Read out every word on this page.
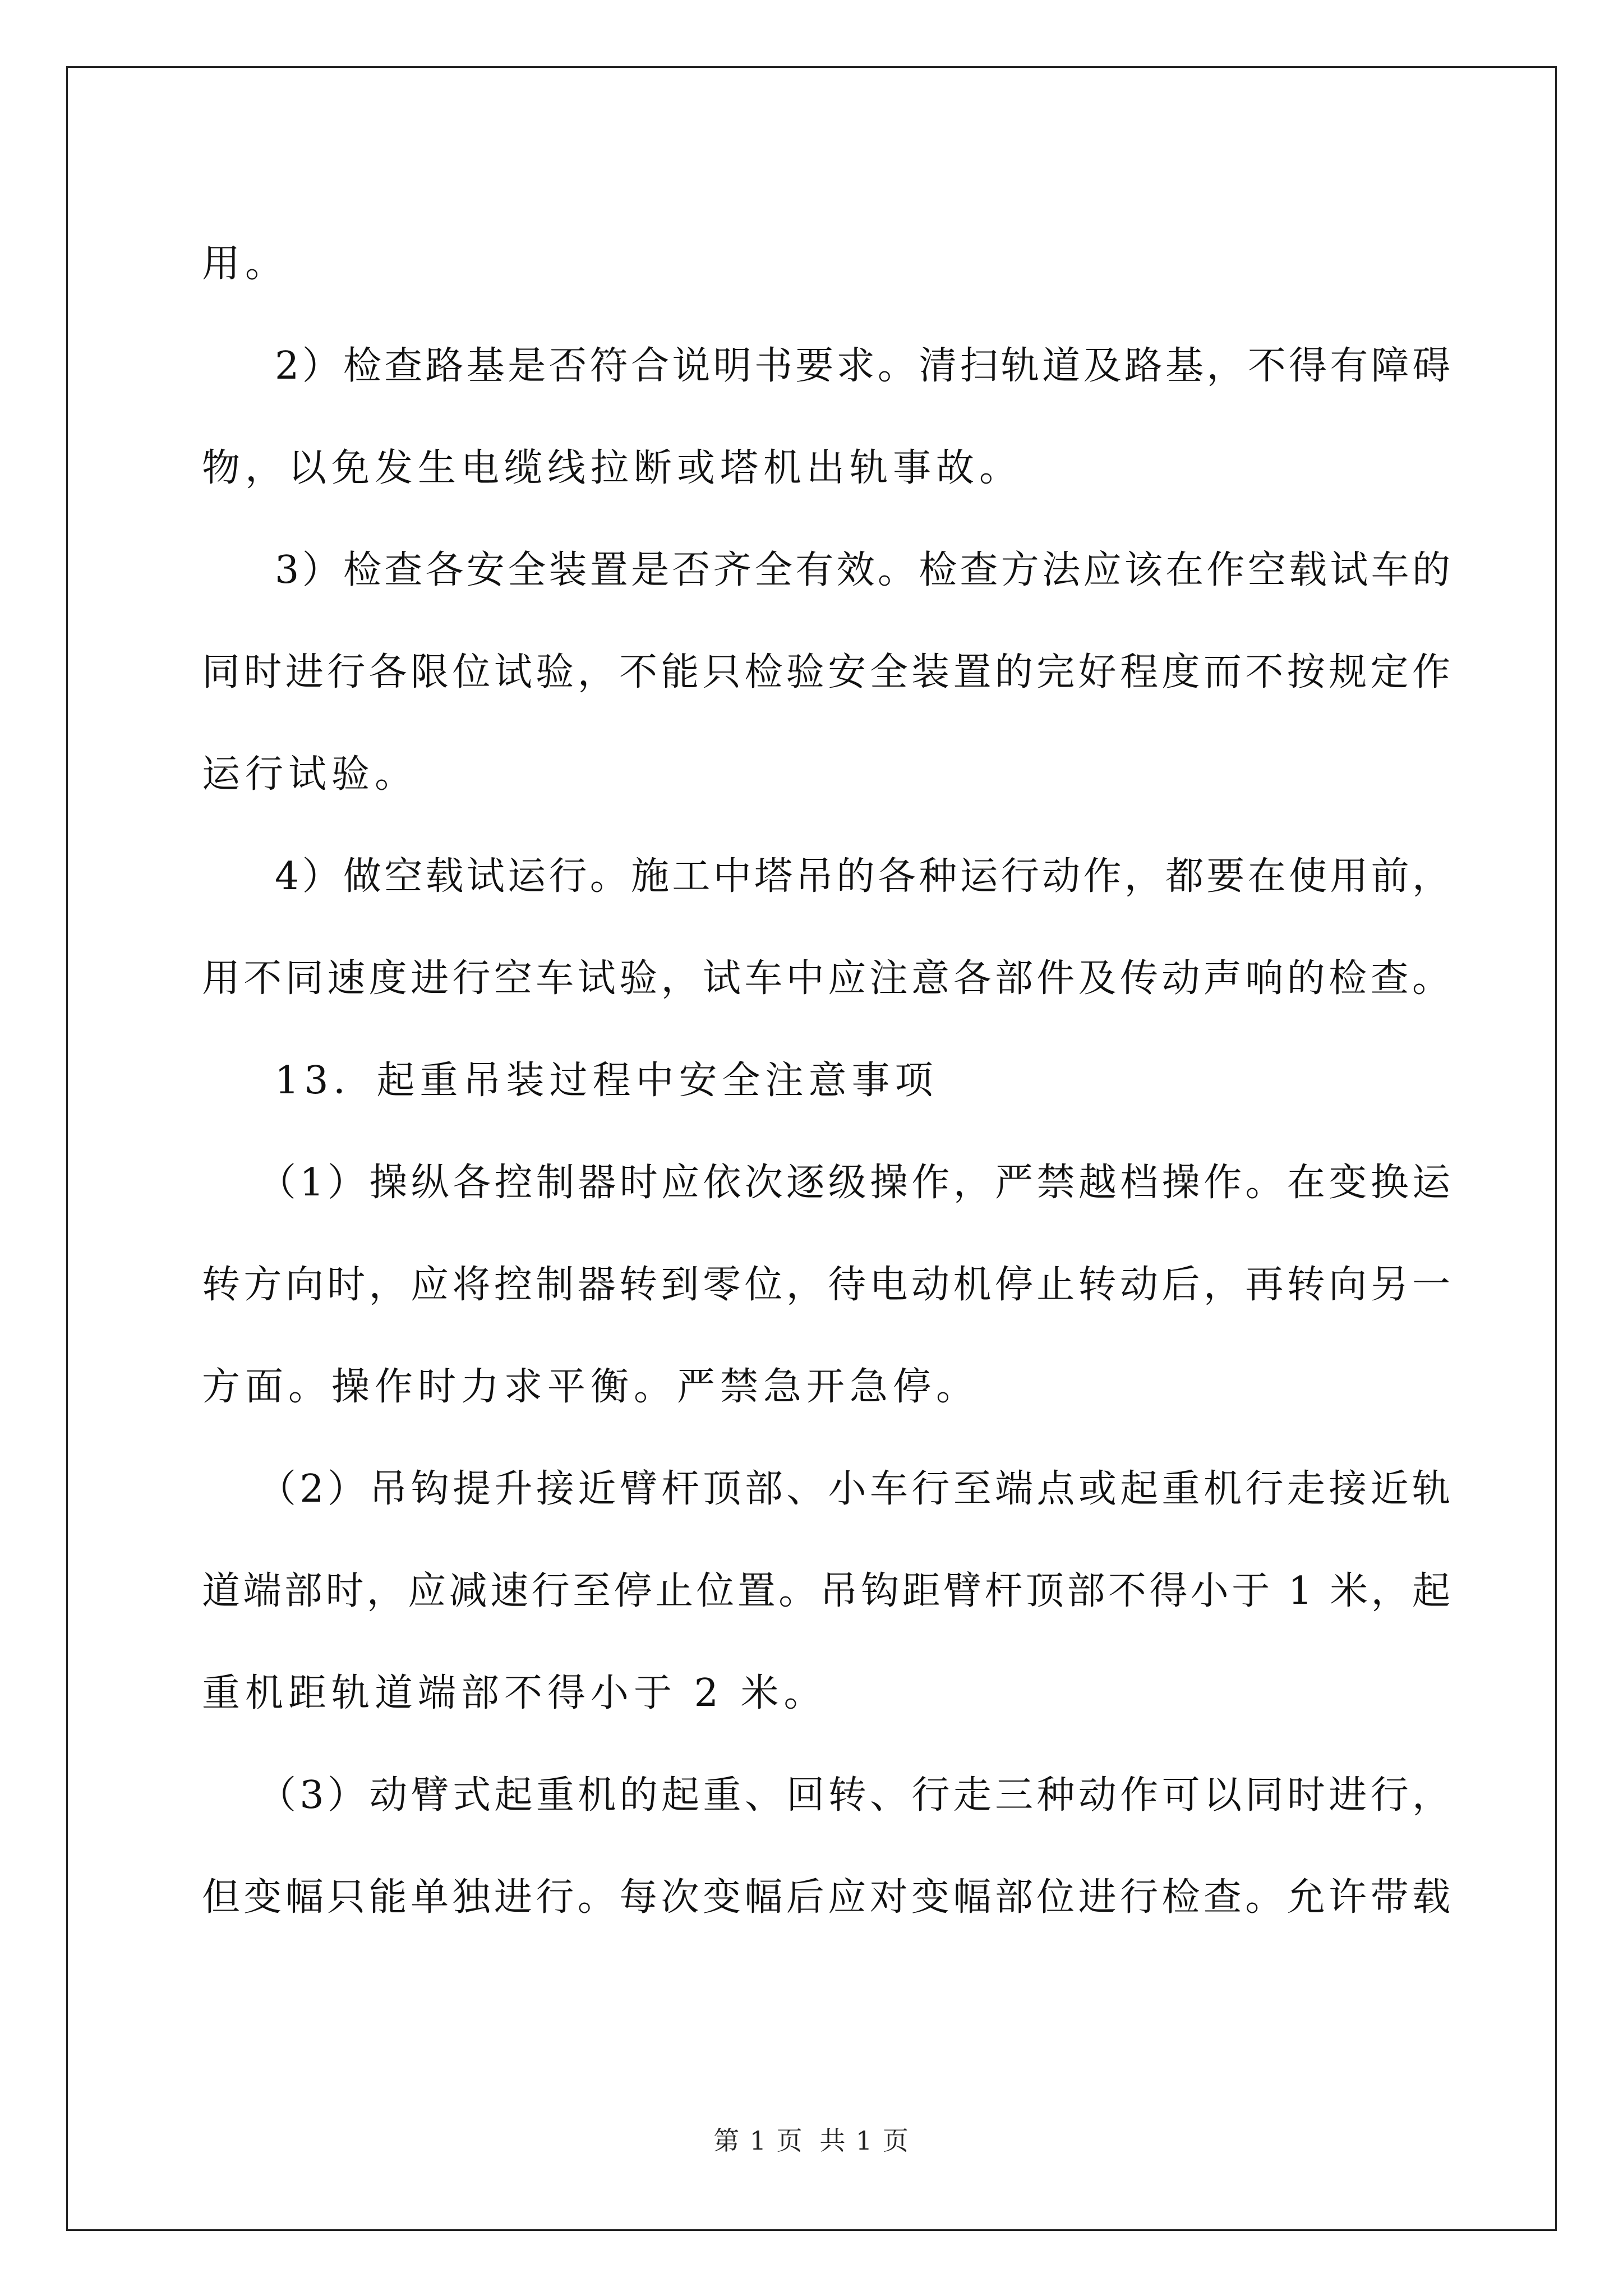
用。
2）检查路基是否符合说明书要求。清扫轨道及路基，不得有障碍
物，以免发生电缆线拉断或塔机出轨事故。
3）检查各安全装置是否齐全有效。检查方法应该在作空载试车的
同时进行各限位试验，不能只检验安全装置的完好程度而不按规定作
运行试验。
4）做空载试运行。施工中塔吊的各种运行动作，都要在使用前，
用不同速度进行空车试验，试车中应注意各部件及传动声响的检查。
13．起重吊装过程中安全注意事项
（1）操纵各控制器时应依次逐级操作，严禁越档操作。在变换运
转方向时，应将控制器转到零位，待电动机停止转动后，再转向另一
方面。操作时力求平衡。严禁急开急停。
（2）吊钩提升接近臂杆顶部、小车行至端点或起重机行走接近轨
道端部时，应减速行至停止位置。吊钩距臂杆顶部不得小于 1 米，起
重机距轨道端部不得小于 2 米。
（3）动臂式起重机的起重、回转、行走三种动作可以同时进行，
但变幅只能单独进行。每次变幅后应对变幅部位进行检查。允许带载
第 1 页 共 1 页
